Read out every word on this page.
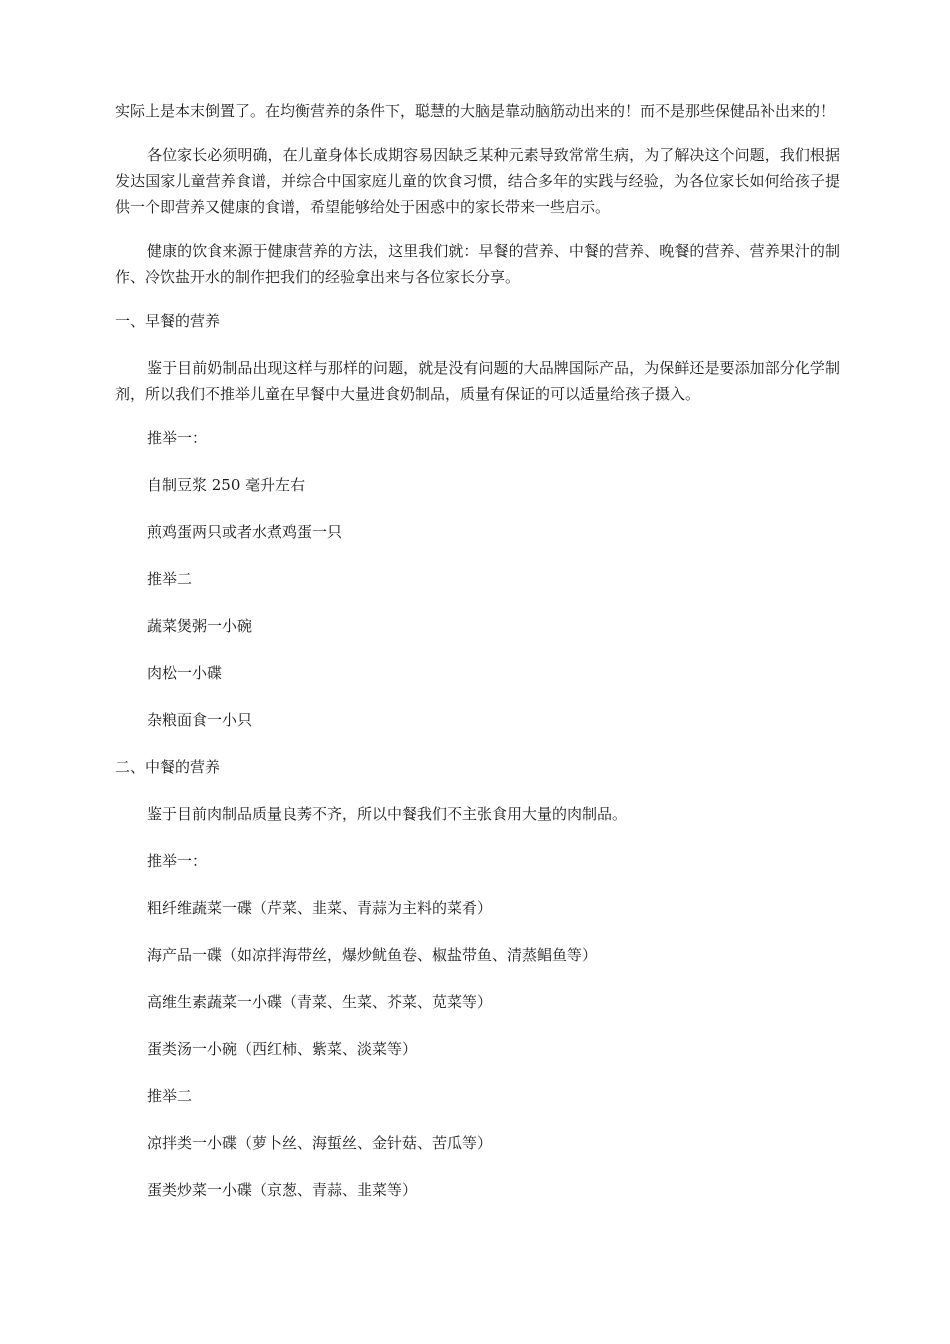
实际上是本末倒置了。在均衡营养的条件下，聪慧的大脑是靠动脑筋动出来的！而不是那些保健品补出来的！

各位家长必须明确，在儿童身体长成期容易因缺乏某种元素导致常常生病，为了解决这个问题，我们根据发达国家儿童营养食谱，并综合中国家庭儿童的饮食习惯，结合多年的实践与经验，为各位家长如何给孩子提供一个即营养又健康的食谱，希望能够给处于困惑中的家长带来一些启示。

健康的饮食来源于健康营养的方法，这里我们就：早餐的营养、中餐的营养、晚餐的营养、营养果汁的制作、冷饮盐开水的制作把我们的经验拿出来与各位家长分享。

一、早餐的营养

鉴于目前奶制品出现这样与那样的问题，就是没有问题的大品牌国际产品，为保鲜还是要添加部分化学制剂，所以我们不推举儿童在早餐中大量进食奶制品，质量有保证的可以适量给孩子摄入。

推举一：
自制豆浆 250 毫升左右
煎鸡蛋两只或者水煮鸡蛋一只
推举二
蔬菜煲粥一小碗
肉松一小碟
杂粮面食一小只
二、中餐的营养
鉴于目前肉制品质量良莠不齐，所以中餐我们不主张食用大量的肉制品。
推举一：
粗纤维蔬菜一碟（芹菜、韭菜、青蒜为主料的菜肴）
海产品一碟（如凉拌海带丝，爆炒鱿鱼卷、椒盐带鱼、清蒸鲳鱼等）
高维生素蔬菜一小碟（青菜、生菜、芥菜、苋菜等）
蛋类汤一小碗（西红柿、紫菜、淡菜等）
推举二
凉拌类一小碟（萝卜丝、海蜇丝、金针菇、苦瓜等）
蛋类炒菜一小碟（京葱、青蒜、韭菜等）
